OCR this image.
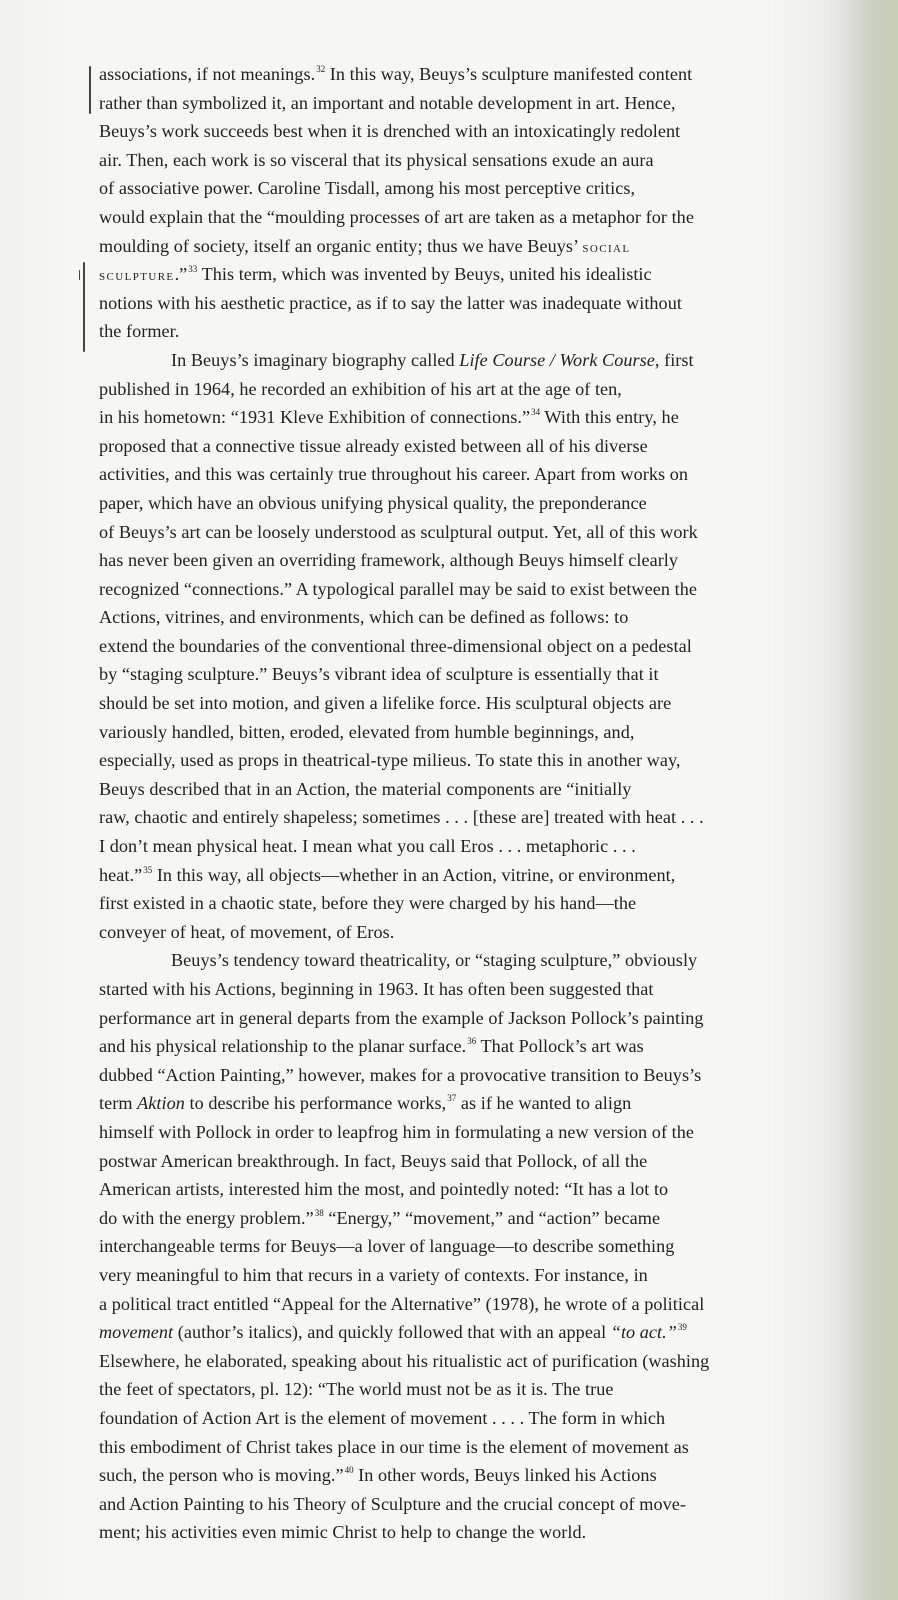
associations, if not meanings.$^{32}$ In this way, Beuys’s sculpture manifested content
rather than symbolized it, an important and notable development in art. Hence,
Beuys’s work succeeds best when it is drenched with an intoxicatingly redolent
air. Then, each work is so visceral that its physical sensations exude an aura
of associative power. Caroline Tisdall, among his most perceptive critics,
would explain that the “moulding processes of art are taken as a metaphor for the
moulding of society, itself an organic entity; thus we have Beuys’ social
sculpture.”$^{33}$ This term, which was invented by Beuys, united his idealistic
notions with his aesthetic practice, as if to say the latter was inadequate without
the former.
In Beuys’s imaginary biography called Life Course / Work Course, first
published in 1964, he recorded an exhibition of his art at the age of ten,
in his hometown: “1931 Kleve Exhibition of connections.”$^{34}$ With this entry, he
proposed that a connective tissue already existed between all of his diverse
activities, and this was certainly true throughout his career. Apart from works on
paper, which have an obvious unifying physical quality, the preponderance
of Beuys’s art can be loosely understood as sculptural output. Yet, all of this work
has never been given an overriding framework, although Beuys himself clearly
recognized “connections.” A typological parallel may be said to exist between the
Actions, vitrines, and environments, which can be defined as follows: to
extend the boundaries of the conventional three-dimensional object on a pedestal
by “staging sculpture.” Beuys’s vibrant idea of sculpture is essentially that it
should be set into motion, and given a lifelike force. His sculptural objects are
variously handled, bitten, eroded, elevated from humble beginnings, and,
especially, used as props in theatrical-type milieus. To state this in another way,
Beuys described that in an Action, the material components are “initially
raw, chaotic and entirely shapeless; sometimes . . . [these are] treated with heat . . .
I don’t mean physical heat. I mean what you call Eros . . . metaphoric . . .
heat.”$^{35}$ In this way, all objects—whether in an Action, vitrine, or environment,
first existed in a chaotic state, before they were charged by his hand—the
conveyer of heat, of movement, of Eros.
Beuys’s tendency toward theatricality, or “staging sculpture,” obviously
started with his Actions, beginning in 1963. It has often been suggested that
performance art in general departs from the example of Jackson Pollock’s painting
and his physical relationship to the planar surface.$^{36}$ That Pollock’s art was
dubbed “Action Painting,” however, makes for a provocative transition to Beuys’s
term Aktion to describe his performance works,$^{37}$ as if he wanted to align
himself with Pollock in order to leapfrog him in formulating a new version of the
postwar American breakthrough. In fact, Beuys said that Pollock, of all the
American artists, interested him the most, and pointedly noted: “It has a lot to
do with the energy problem.”$^{38}$ “Energy,” “movement,” and “action” became
interchangeable terms for Beuys—a lover of language—to describe something
very meaningful to him that recurs in a variety of contexts. For instance, in
a political tract entitled “Appeal for the Alternative” (1978), he wrote of a political
movement (author’s italics), and quickly followed that with an appeal “to act.”$^{39}$
Elsewhere, he elaborated, speaking about his ritualistic act of purification (washing
the feet of spectators, pl. 12): “The world must not be as it is. The true
foundation of Action Art is the element of movement . . . . The form in which
this embodiment of Christ takes place in our time is the element of movement as
such, the person who is moving.”$^{40}$ In other words, Beuys linked his Actions
and Action Painting to his Theory of Sculpture and the crucial concept of move-
ment; his activities even mimic Christ to help to change the world.
